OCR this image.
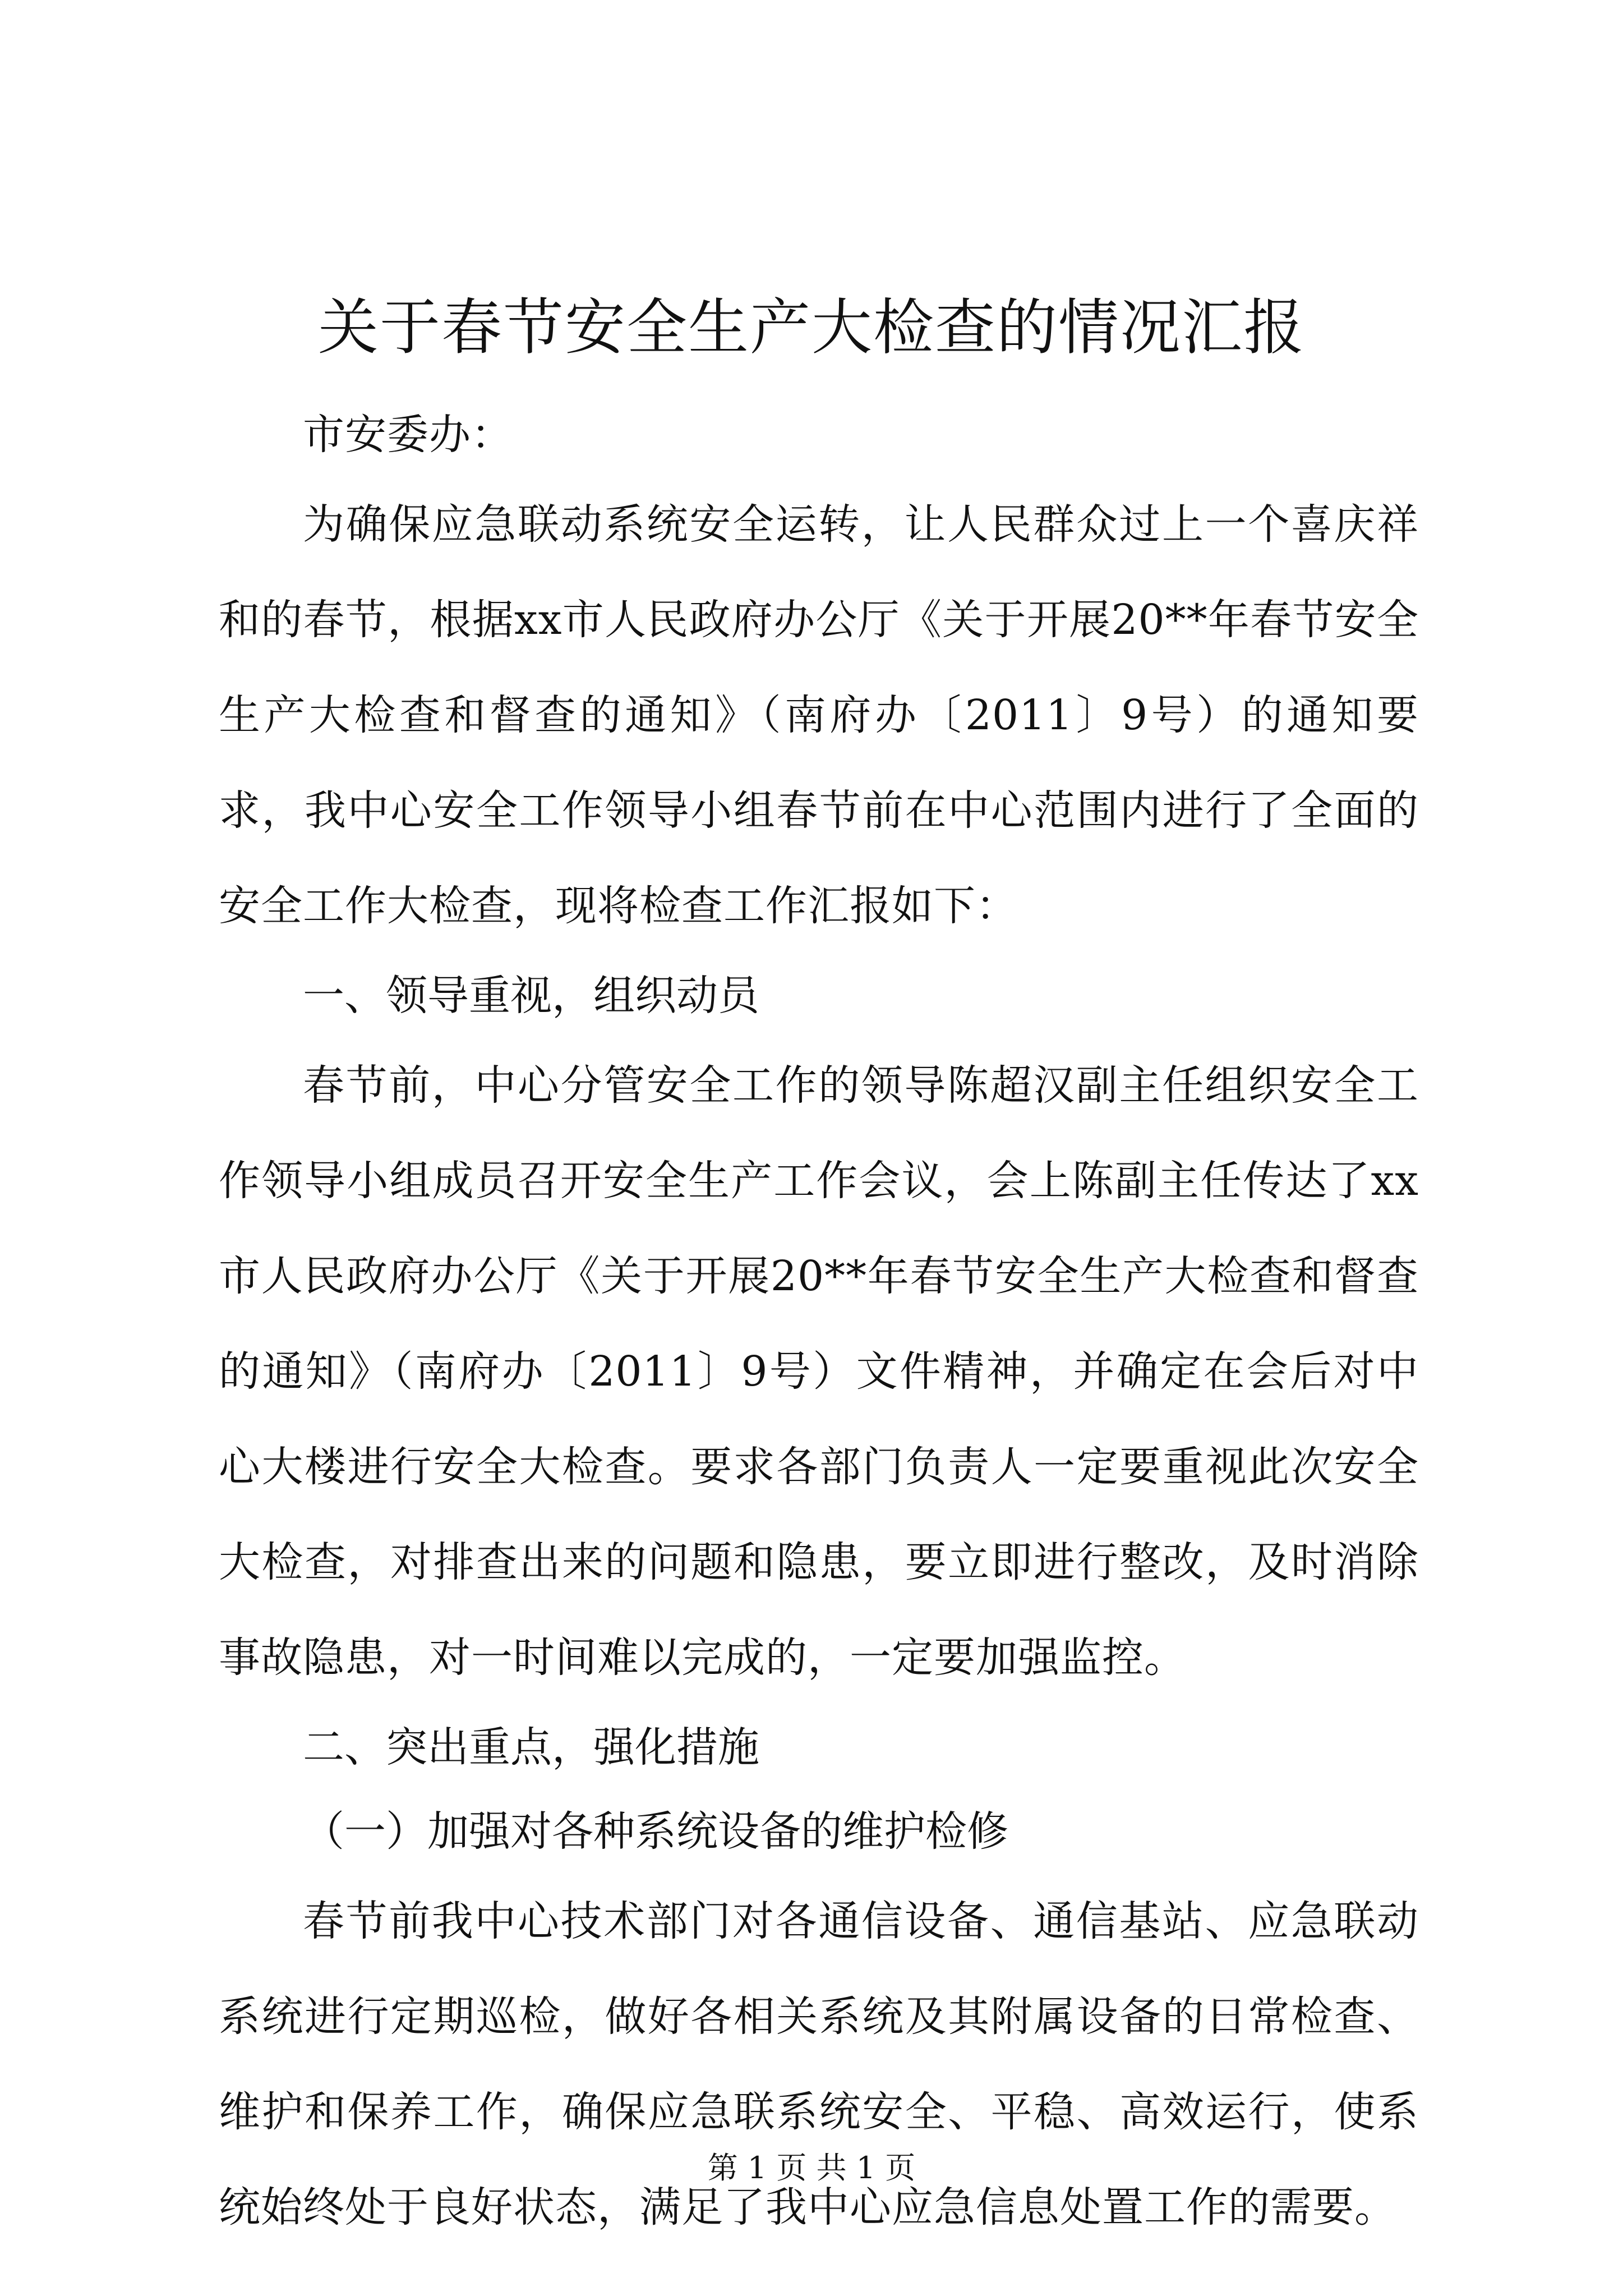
关于春节安全生产大检查的情况汇报

市安委办：

为确保应急联动系统安全运转，让人民群众过上一个喜庆祥和的春节，根据xx市人民政府办公厅《关于开展20**年春节安全生产大检查和督查的通知》（南府办〔2011〕9号）的通知要求，我中心安全工作领导小组春节前在中心范围内进行了全面的安全工作大检查，现将检查工作汇报如下：

一、领导重视，组织动员

春节前，中心分管安全工作的领导陈超汉副主任组织安全工作领导小组成员召开安全生产工作会议，会上陈副主任传达了xx市人民政府办公厅《关于开展20**年春节安全生产大检查和督查的通知》（南府办〔2011〕9号）文件精神，并确定在会后对中心大楼进行安全大检查。要求各部门负责人一定要重视此次安全大检查，对排查出来的问题和隐患，要立即进行整改，及时消除事故隐患，对一时间难以完成的，一定要加强监控。

二、突出重点，强化措施

（一）加强对各种系统设备的维护检修

春节前我中心技术部门对各通信设备、通信基站、应急联动系统进行定期巡检，做好各相关系统及其附属设备的日常检查、维护和保养工作，确保应急联系统安全、平稳、高效运行，使系统始终处于良好状态，满足了我中心应急信息处置工作的需要。

第 1 页 共 1 页
